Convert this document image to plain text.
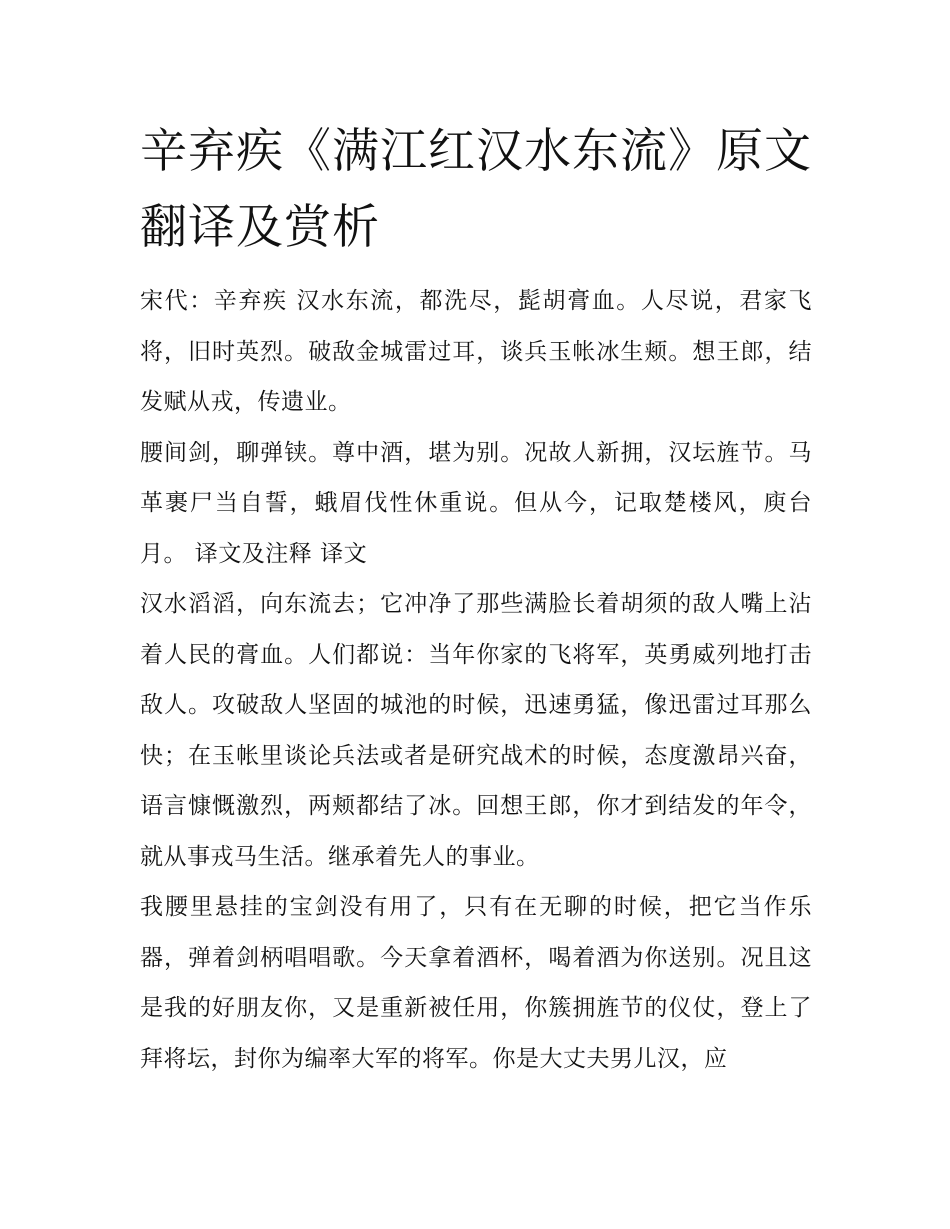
辛弃疾《满江红汉水东流》原文翻译及赏析

宋代：辛弃疾 汉水东流，都洗尽，髭胡膏血。人尽说，君家飞将，旧时英烈。破敌金城雷过耳，谈兵玉帐冰生颊。想王郎，结发赋从戎，传遗业。

腰间剑，聊弹铗。尊中酒，堪为别。况故人新拥，汉坛旌节。马革裹尸当自誓，蛾眉伐性休重说。但从今，记取楚楼风，庾台月。 译文及注释 译文

汉水滔滔，向东流去；它冲净了那些满脸长着胡须的敌人嘴上沾着人民的膏血。人们都说：当年你家的飞将军，英勇威列地打击敌人。攻破敌人坚固的城池的时候，迅速勇猛，像迅雷过耳那么快；在玉帐里谈论兵法或者是研究战术的时候，态度激昂兴奋，语言慷慨激烈，两颊都结了冰。回想王郎，你才到结发的年令，就从事戎马生活。继承着先人的事业。

我腰里悬挂的宝剑没有用了，只有在无聊的时候，把它当作乐器，弹着剑柄唱唱歌。今天拿着酒杯，喝着酒为你送别。况且这是我的好朋友你，又是重新被任用，你簇拥旌节的仪仗，登上了拜将坛，封你为编率大军的将军。你是大丈夫男儿汉，应
